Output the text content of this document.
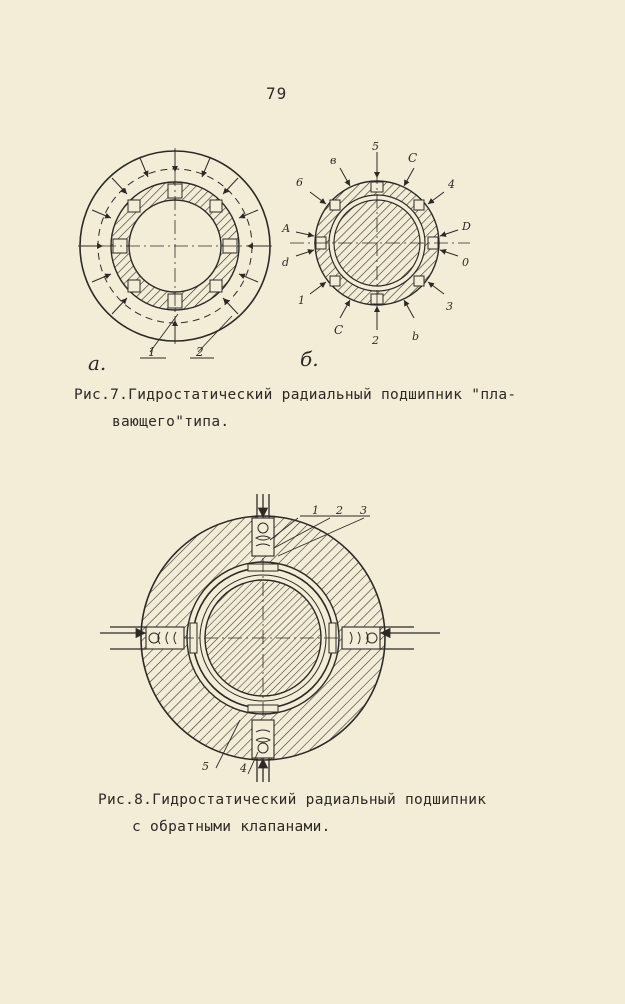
79
1	2
a.
5
в
6
С
4
А
d
D
0
1
С
2
3
b
б.
Рис.7.Гидростатический радиальный подшипник "пла-
вающего"типа.
1 2 3
4
5
Рис.8.Гидростатический радиальный подшипник
с обратными клапанами.
